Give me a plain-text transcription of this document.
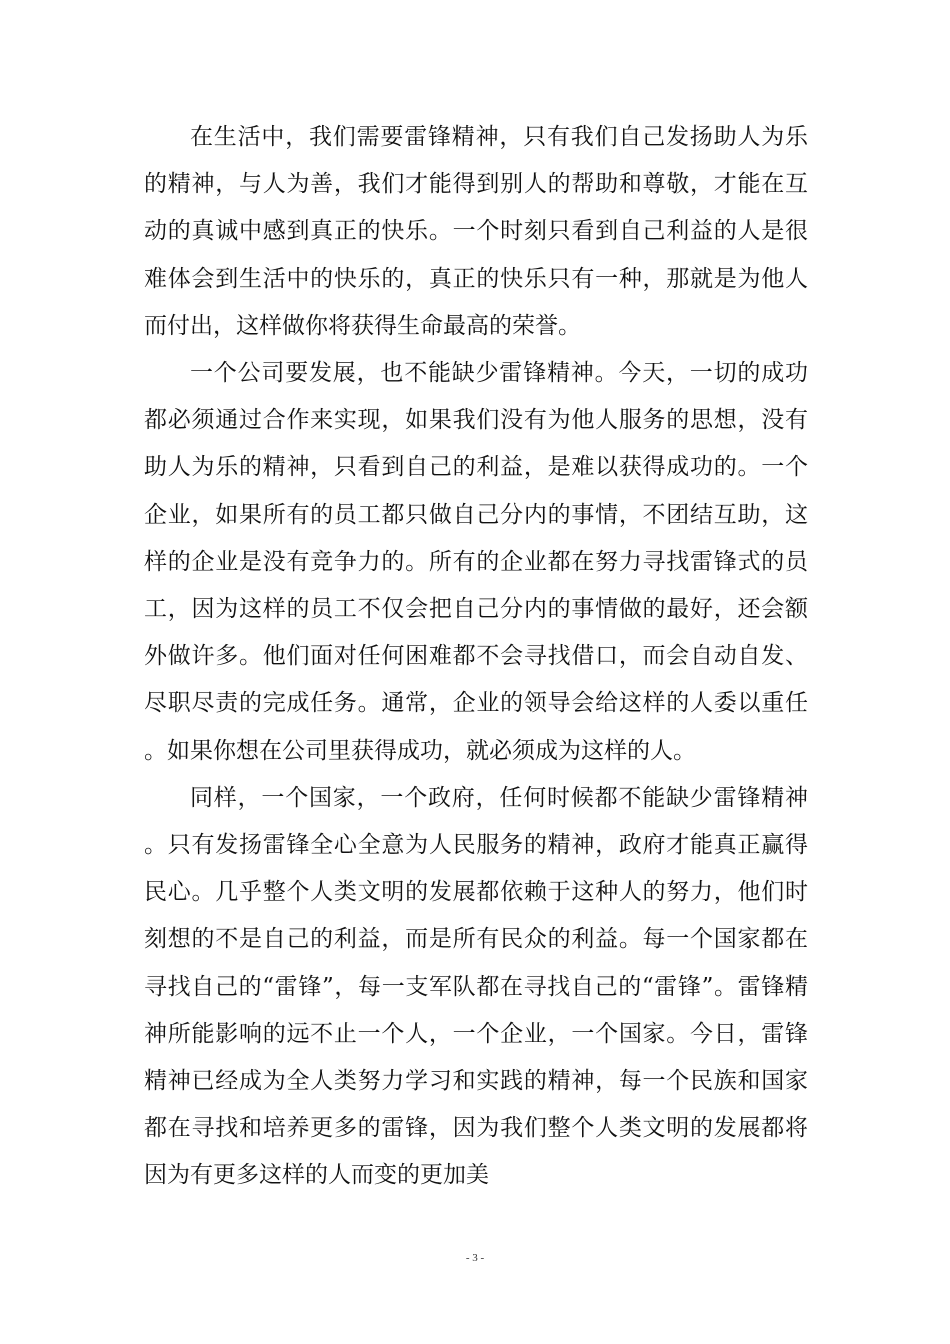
在生活中，我们需要雷锋精神，只有我们自己发扬助人为乐的精神，与人为善，我们才能得到别人的帮助和尊敬，才能在互动的真诚中感到真正的快乐。一个时刻只看到自己利益的人是很难体会到生活中的快乐的，真正的快乐只有一种，那就是为他人而付出，这样做你将获得生命最高的荣誉。

一个公司要发展，也不能缺少雷锋精神。今天，一切的成功都必须通过合作来实现，如果我们没有为他人服务的思想，没有助人为乐的精神，只看到自己的利益，是难以获得成功的。一个企业，如果所有的员工都只做自己分内的事情，不团结互助，这样的企业是没有竞争力的。所有的企业都在努力寻找雷锋式的员工，因为这样的员工不仅会把自己分内的事情做的最好，还会额外做许多。他们面对任何困难都不会寻找借口，而会自动自发、尽职尽责的完成任务。通常，企业的领导会给这样的人委以重任。如果你想在公司里获得成功，就必须成为这样的人。

同样，一个国家，一个政府，任何时候都不能缺少雷锋精神。只有发扬雷锋全心全意为人民服务的精神，政府才能真正赢得民心。几乎整个人类文明的发展都依赖于这种人的努力，他们时刻想的不是自己的利益，而是所有民众的利益。每一个国家都在寻找自己的“雷锋”，每一支军队都在寻找自己的“雷锋”。雷锋精神所能影响的远不止一个人，一个企业，一个国家。今日，雷锋精神已经成为全人类努力学习和实践的精神，每一个民族和国家都在寻找和培养更多的雷锋，因为我们整个人类文明的发展都将因为有更多这样的人而变的更加美

- 3 -
